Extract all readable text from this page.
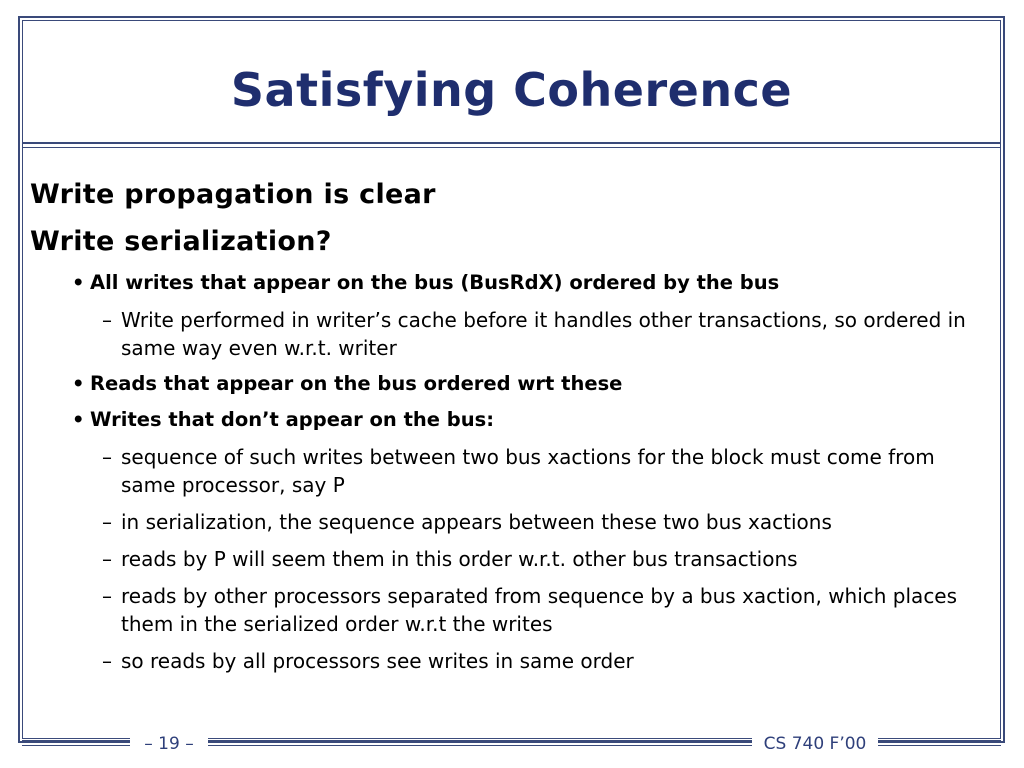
Satisfying Coherence
Write propagation is clear
Write serialization?
• All writes that appear on the bus (BusRdX) ordered by the bus
– Write performed in writer’s cache before it handles other transactions, so ordered in same way even w.r.t. writer
• Reads that appear on the bus ordered wrt these
• Writes that don’t appear on the bus:
– sequence of such writes between two bus xactions for the block must come from same processor, say P
– in serialization, the sequence appears between these two bus xactions
– reads by P will seem them in this order w.r.t. other bus transactions
– reads by other processors separated from sequence by a bus xaction, which places them in the serialized order w.r.t the writes
– so reads by all processors see writes in same order
– 19 –	CS 740 F’00
